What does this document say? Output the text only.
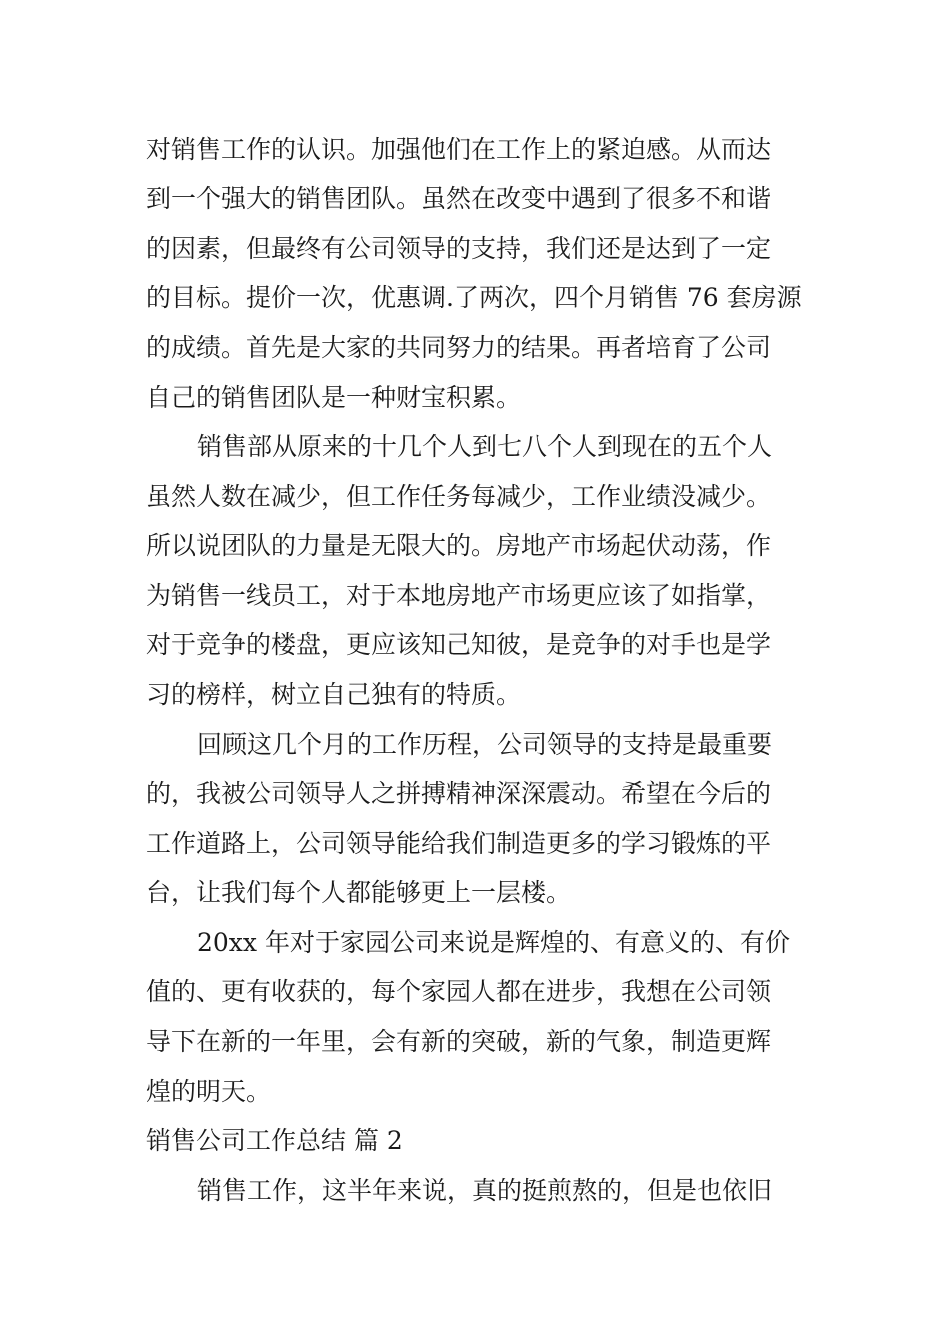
对销售工作的认识。加强他们在工作上的紧迫感。从而达
到一个强大的销售团队。虽然在改变中遇到了很多不和谐
的因素，但最终有公司领导的支持，我们还是达到了一定
的目标。提价一次，优惠调.了两次，四个月销售 76 套房源
的成绩。首先是大家的共同努力的结果。再者培育了公司
自己的销售团队是一种财宝积累。
销售部从原来的十几个人到七八个人到现在的五个人
虽然人数在减少，但工作任务每减少，工作业绩没减少。
所以说团队的力量是无限大的。房地产市场起伏动荡，作
为销售一线员工，对于本地房地产市场更应该了如指掌，
对于竞争的楼盘，更应该知己知彼，是竞争的对手也是学
习的榜样，树立自己独有的特质。
回顾这几个月的工作历程，公司领导的支持是最重要
的，我被公司领导人之拼搏精神深深震动。希望在今后的
工作道路上，公司领导能给我们制造更多的学习锻炼的平
台，让我们每个人都能够更上一层楼。
20xx 年对于家园公司来说是辉煌的、有意义的、有价
值的、更有收获的，每个家园人都在进步，我想在公司领
导下在新的一年里，会有新的突破，新的气象，制造更辉
煌的明天。
销售公司工作总结 篇 2
销售工作，这半年来说，真的挺煎熬的，但是也依旧
